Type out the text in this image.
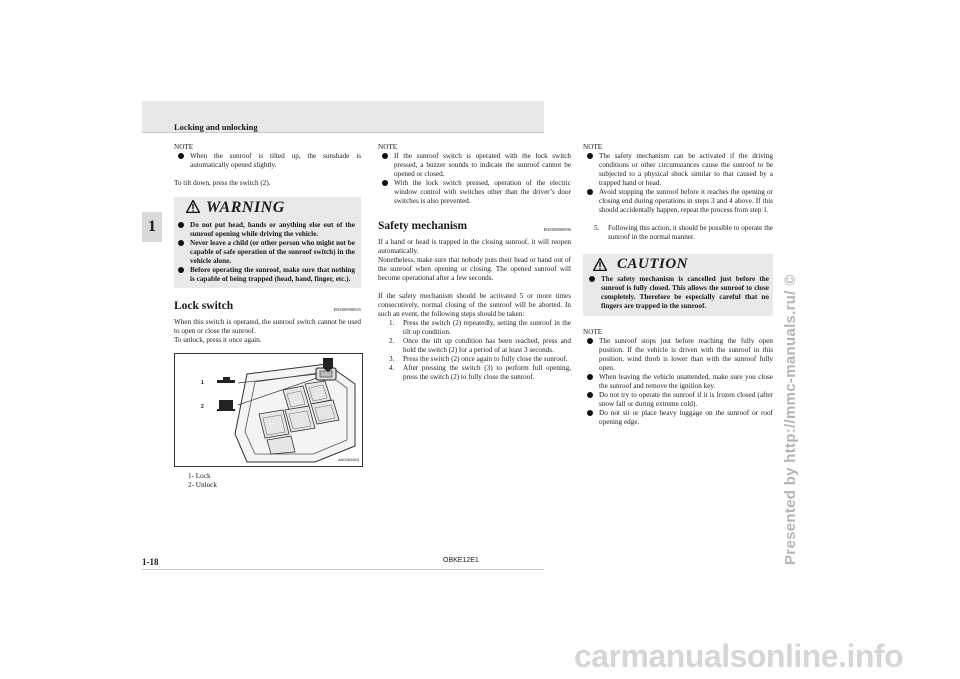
Locking and unlocking
1

NOTE

When the sunroof is tilted up, the sunshade is automatically opened slightly.

To tilt down, press the switch (2).

WARNING
Do not put head, hands or anything else out of the sunroof opening while driving the vehicle.
Never leave a child (or other person who might not be capable of safe operation of the sunroof switch) in the vehicle alone.
Before operating the sunroof, make sure that nothing is capable of being trapped (head, hand, finger, etc.).
Lock switch	E00308900025

When this switch is operated, the sunroof switch cannot be used to open or close the sunroof.

To unlock, press it once again.

1
2
AA0061843
1- Lock
2- Unlock

NOTE

If the sunroof switch is operated with the lock switch pressed, a buzzer sounds to indicate the sunroof cannot be opened or closed.
With the lock switch pressed, operation of the electric window control with switches other than the driver’s door switches is also prevented.
Safety mechanism	E00308800090

If a hand or head is trapped in the closing sunroof, it will reopen automatically.

Nonetheless, make sure that nobody puts their head or hand out of the sunroof when opening or closing. The opened sunroof will become operational after a few seconds.

If the safety mechanism should be activated 5 or more times consecutively, normal closing of the sunroof will be aborted. In such an event, the following steps should be taken:

1. Press the switch (2) repeatedly, setting the sunroof in the tilt up condition.
2. Once the tilt up condition has been reached, press and hold the switch (2) for a period of at least 3 seconds.
3. Press the switch (2) once again to fully close the sunroof.
4. After pressing the switch (3) to perform full opening, press the switch (2) to fully close the sunroof.

NOTE

The safety mechanism can be activated if the driving conditions or other circumstances cause the sunroof to be subjected to a physical shock similar to that caused by a trapped hand or head.
Avoid stopping the sunroof before it reaches the opening or closing end during operations in steps 3 and 4 above. If this should accidentally happen, repeat the process from step 1.
5. Following this action, it should be possible to operate the sunroof in the normal manner.
CAUTION
The safety mechanism is cancelled just before the sunroof is fully closed. This allows the sunroof to close completely. Therefore be especially careful that no fingers are trapped in the sunroof.

NOTE

The sunroof stops just before reaching the fully open position. If the vehicle is driven with the sunroof in this position, wind throb is lower than with the sunroof fully open.
When leaving the vehicle unattended, make sure you close the sunroof and remove the ignition key.
Do not try to operate the sunroof if it is frozen closed (after snow fall or during extreme cold).
Do not sit or place heavy luggage on the sunroof or roof opening edge.
1-18	OBKE12E1	Presented by http://mmc-manuals.ru/ ©
carmanualsonline.info
